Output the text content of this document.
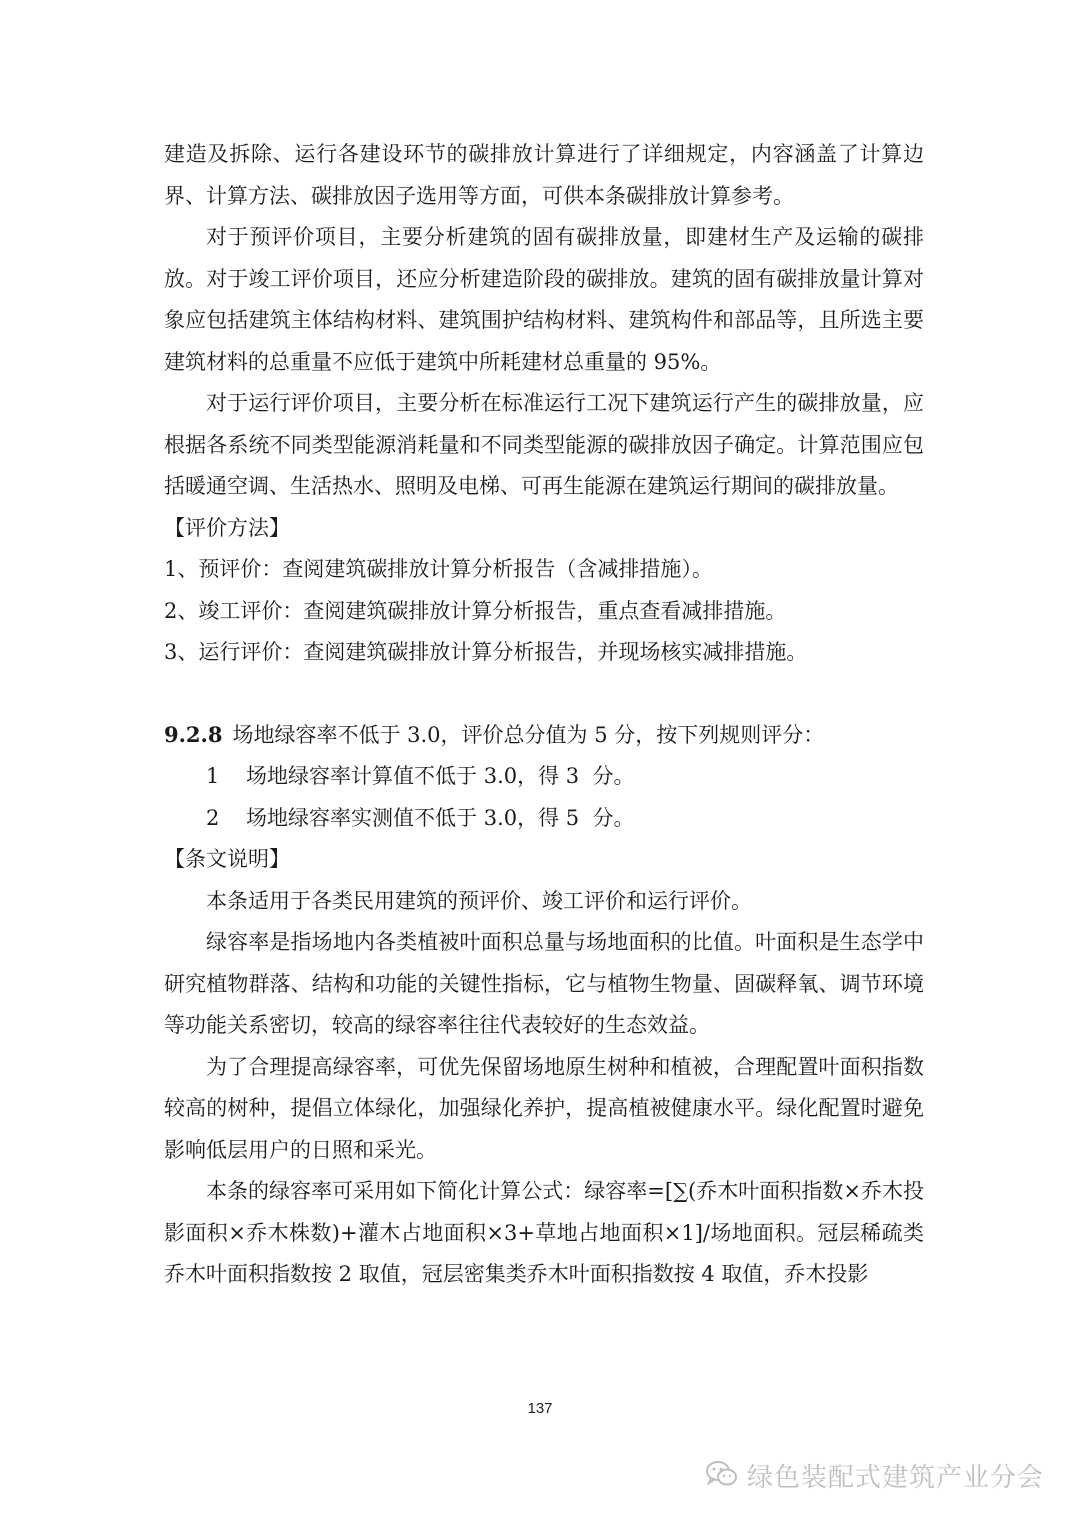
建造及拆除、运行各建设环节的碳排放计算进行了详细规定，内容涵盖了计算边界、计算方法、碳排放因子选用等方面，可供本条碳排放计算参考。

对于预评价项目，主要分析建筑的固有碳排放量，即建材生产及运输的碳排放。对于竣工评价项目，还应分析建造阶段的碳排放。建筑的固有碳排放量计算对象应包括建筑主体结构材料、建筑围护结构材料、建筑构件和部品等，且所选主要建筑材料的总重量不应低于建筑中所耗建材总重量的 95%。

对于运行评价项目，主要分析在标准运行工况下建筑运行产生的碳排放量，应根据各系统不同类型能源消耗量和不同类型能源的碳排放因子确定。计算范围应包括暖通空调、生活热水、照明及电梯、可再生能源在建筑运行期间的碳排放量。

【评价方法】

1、预评价：查阅建筑碳排放计算分析报告（含减排措施）。

2、竣工评价：查阅建筑碳排放计算分析报告，重点查看减排措施。

3、运行评价：查阅建筑碳排放计算分析报告，并现场核实减排措施。

9.2.8 场地绿容率不低于 3.0，评价总分值为 5 分，按下列规则评分：

1    场地绿容率计算值不低于 3.0，得 3  分。

2    场地绿容率实测值不低于 3.0，得 5  分。

【条文说明】

本条适用于各类民用建筑的预评价、竣工评价和运行评价。

绿容率是指场地内各类植被叶面积总量与场地面积的比值。叶面积是生态学中研究植物群落、结构和功能的关键性指标，它与植物生物量、固碳释氧、调节环境等功能关系密切，较高的绿容率往往代表较好的生态效益。

为了合理提高绿容率，可优先保留场地原生树种和植被，合理配置叶面积指数较高的树种，提倡立体绿化，加强绿化养护，提高植被健康水平。绿化配置时避免影响低层用户的日照和采光。

本条的绿容率可采用如下简化计算公式：绿容率=[∑(乔木叶面积指数×乔木投影面积×乔木株数)+灌木占地面积×3+草地占地面积×1]/场地面积。冠层稀疏类乔木叶面积指数按 2 取值，冠层密集类乔木叶面积指数按 4 取值，乔木投影

137
绿色装配式建筑产业分会
